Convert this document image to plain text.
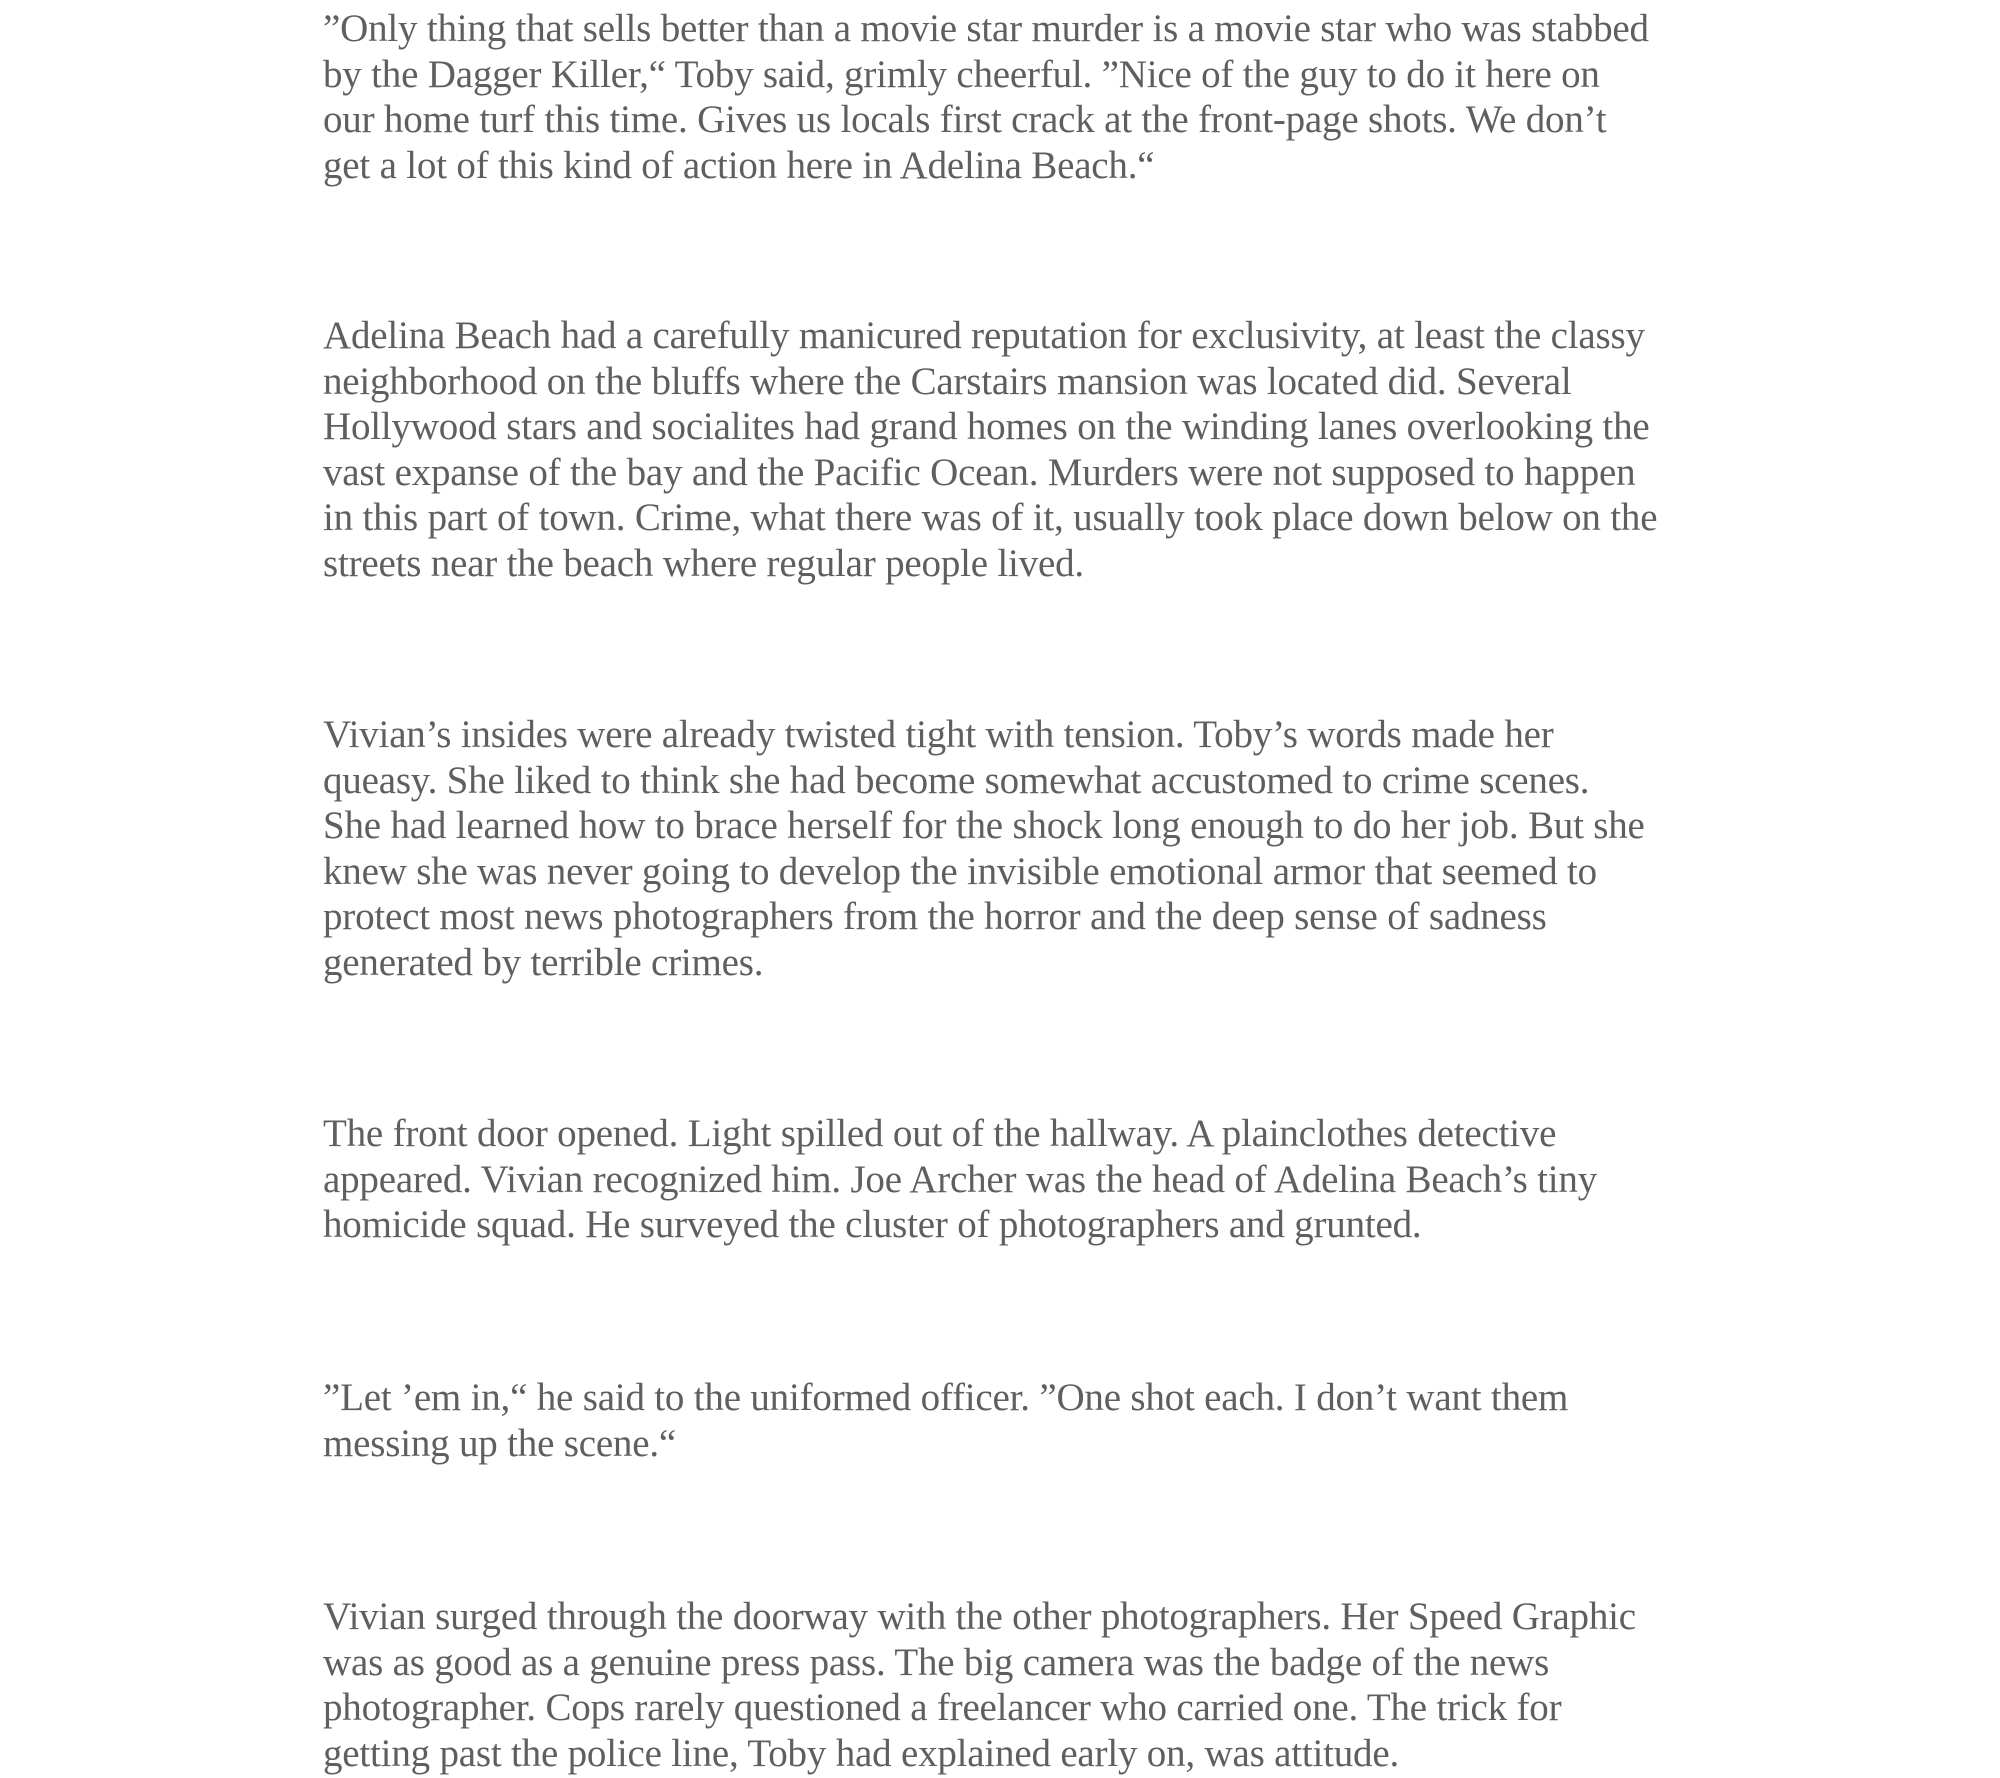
”Only thing that sells better than a movie star murder is a movie star who was stabbed
by the Dagger Killer,“ Toby said, grimly cheerful. ”Nice of the guy to do it here on
our home turf this time. Gives us locals first crack at the front-page shots. We don’t
get a lot of this kind of action here in Adelina Beach.“

Adelina Beach had a carefully manicured reputation for exclusivity, at least the classy
neighborhood on the bluffs where the Carstairs mansion was located did. Several
Hollywood stars and socialites had grand homes on the winding lanes overlooking the
vast expanse of the bay and the Pacific Ocean. Murders were not supposed to happen
in this part of town. Crime, what there was of it, usually took place down below on the
streets near the beach where regular people lived.

Vivian’s insides were already twisted tight with tension. Toby’s words made her
queasy. She liked to think she had become somewhat accustomed to crime scenes.
She had learned how to brace herself for the shock long enough to do her job. But she
knew she was never going to develop the invisible emotional armor that seemed to
protect most news photographers from the horror and the deep sense of sadness
generated by terrible crimes.

The front door opened. Light spilled out of the hallway. A plainclothes detective
appeared. Vivian recognized him. Joe Archer was the head of Adelina Beach’s tiny
homicide squad. He surveyed the cluster of photographers and grunted.

”Let ’em in,“ he said to the uniformed officer. ”One shot each. I don’t want them
messing up the scene.“

Vivian surged through the doorway with the other photographers. Her Speed Graphic
was as good as a genuine press pass. The big camera was the badge of the news
photographer. Cops rarely questioned a freelancer who carried one. The trick for
getting past the police line, Toby had explained early on, was attitude.
